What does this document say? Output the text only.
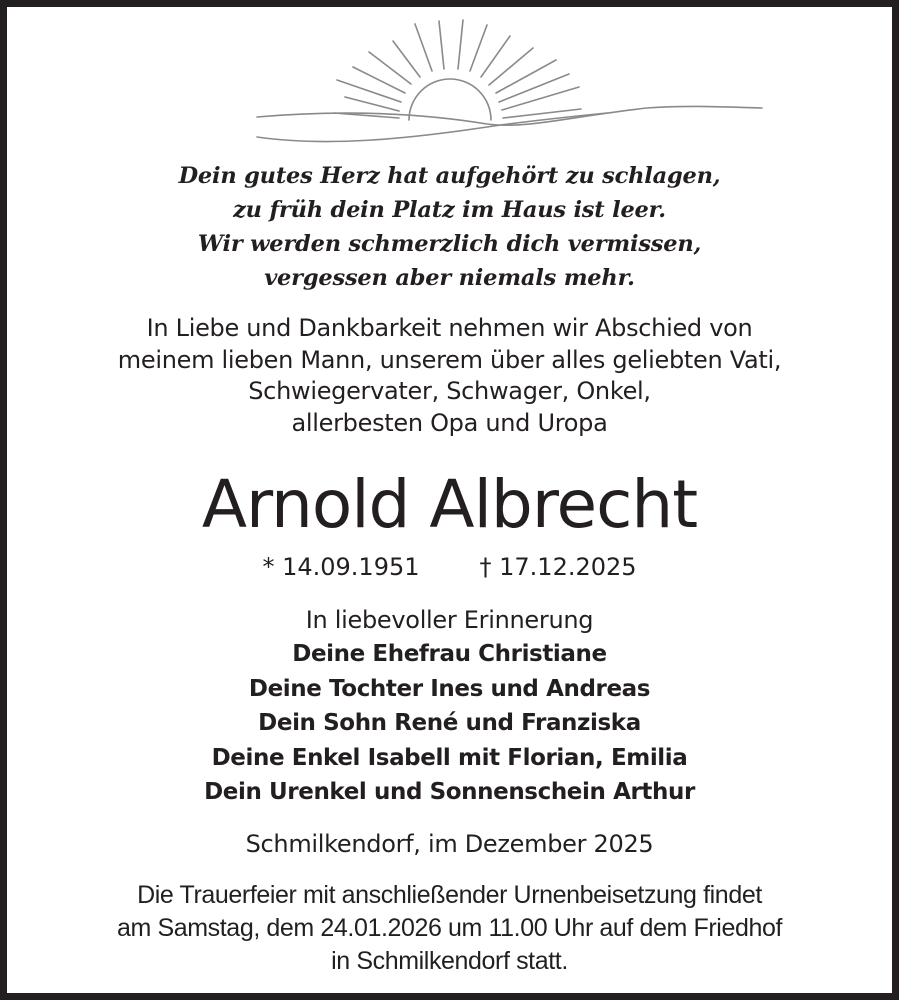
Dein gutes Herz hat aufgehört zu schlagen,
zu früh dein Platz im Haus ist leer.
Wir werden schmerzlich dich vermissen,
vergessen aber niemals mehr.
In Liebe und Dankbarkeit nehmen wir Abschied von
meinem lieben Mann, unserem über alles geliebten Vati,
Schwiegervater, Schwager, Onkel,
allerbesten Opa und Uropa
Arnold Albrecht
* 14.09.1951	† 17.12.2025
In liebevoller Erinnerung
Deine Ehefrau Christiane
Deine Tochter Ines und Andreas
Dein Sohn René und Franziska
Deine Enkel Isabell mit Florian, Emilia
Dein Urenkel und Sonnenschein Arthur
Schmilkendorf, im Dezember 2025
Die Trauerfeier mit anschließender Urnenbeisetzung findet
am Samstag, dem 24.01.2026 um 11.00 Uhr auf dem Friedhof
in Schmilkendorf statt.
